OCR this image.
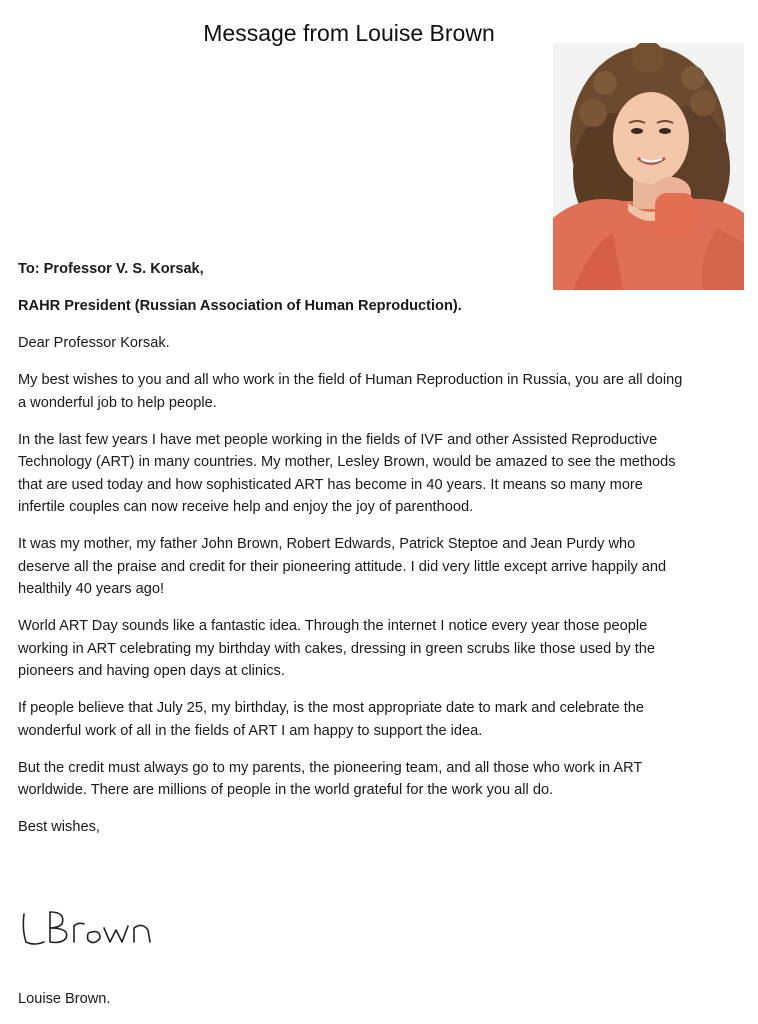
Message from Louise Brown

To: Professor V. S. Korsak,

RAHR President (Russian Association of Human Reproduction).

Dear Professor Korsak.

My best wishes to you and all who work in the field of Human Reproduction in Russia, you are all doing a wonderful job to help people.

In the last few years I have met people working in the fields of IVF and other Assisted Reproductive Technology (ART) in many countries. My mother, Lesley Brown, would be amazed to see the methods that are used today and how sophisticated ART has become in 40 years. It means so many more infertile couples can now receive help and enjoy the joy of parenthood.

It was my mother, my father John Brown, Robert Edwards, Patrick Steptoe and Jean Purdy who deserve all the praise and credit for their pioneering attitude. I did very little except arrive happily and healthily 40 years ago!

World ART Day sounds like a fantastic idea. Through the internet I notice every year those people working in ART celebrating my birthday with cakes, dressing in green scrubs like those used by the pioneers and having open days at clinics.

If people believe that July 25, my birthday, is the most appropriate date to mark and celebrate the wonderful work of all in the fields of ART I am happy to support the idea.

But the credit must always go to my parents, the pioneering team, and all those who work in ART worldwide. There are millions of people in the world grateful for the work you all do.

Best wishes,

Louise Brown.
